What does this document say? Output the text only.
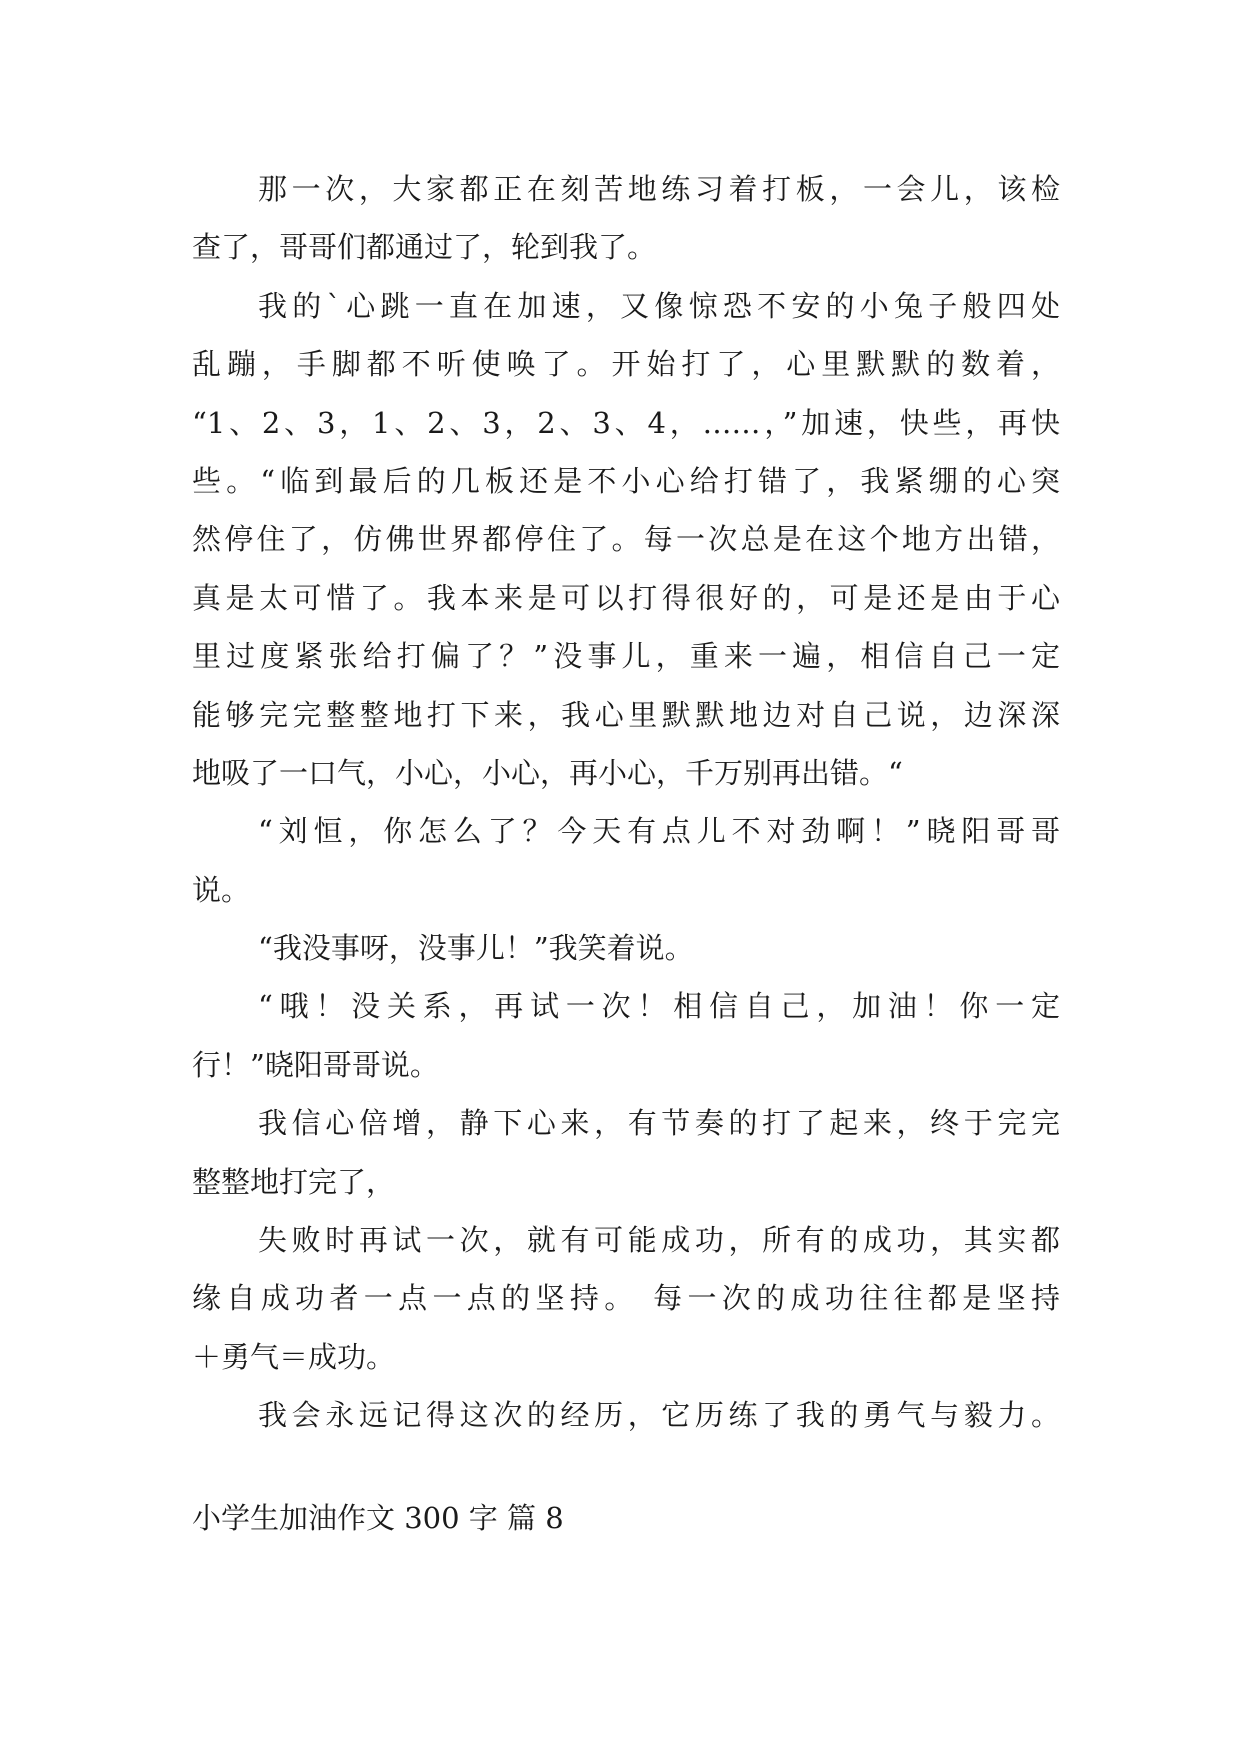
那一次，大家都正在刻苦地练习着打板，一会儿，该检
查了，哥哥们都通过了，轮到我了。
我的`心跳一直在加速，又像惊恐不安的小兔子般四处
乱蹦，手脚都不听使唤了。开始打了，心里默默的数着，
“1、2、3，1、2、3，2、3、4，……，”加速，快些，再快
些。“临到最后的几板还是不小心给打错了，我紧绷的心突
然停住了，仿佛世界都停住了。每一次总是在这个地方出错，
真是太可惜了。我本来是可以打得很好的，可是还是由于心
里过度紧张给打偏了？”没事儿，重来一遍，相信自己一定
能够完完整整地打下来，我心里默默地边对自己说，边深深
地吸了一口气，小心，小心，再小心，千万别再出错。“
“刘恒，你怎么了？今天有点儿不对劲啊！”晓阳哥哥
说。
“我没事呀，没事儿！”我笑着说。
“哦！没关系，再试一次！相信自己，加油！你一定
行！”晓阳哥哥说。
我信心倍增，静下心来，有节奏的打了起来，终于完完
整整地打完了，
失败时再试一次，就有可能成功，所有的成功，其实都
缘自成功者一点一点的坚持。 每一次的成功往往都是坚持
＋勇气＝成功。
我会永远记得这次的经历，它历练了我的勇气与毅力。
小学生加油作文 300 字 篇 8
